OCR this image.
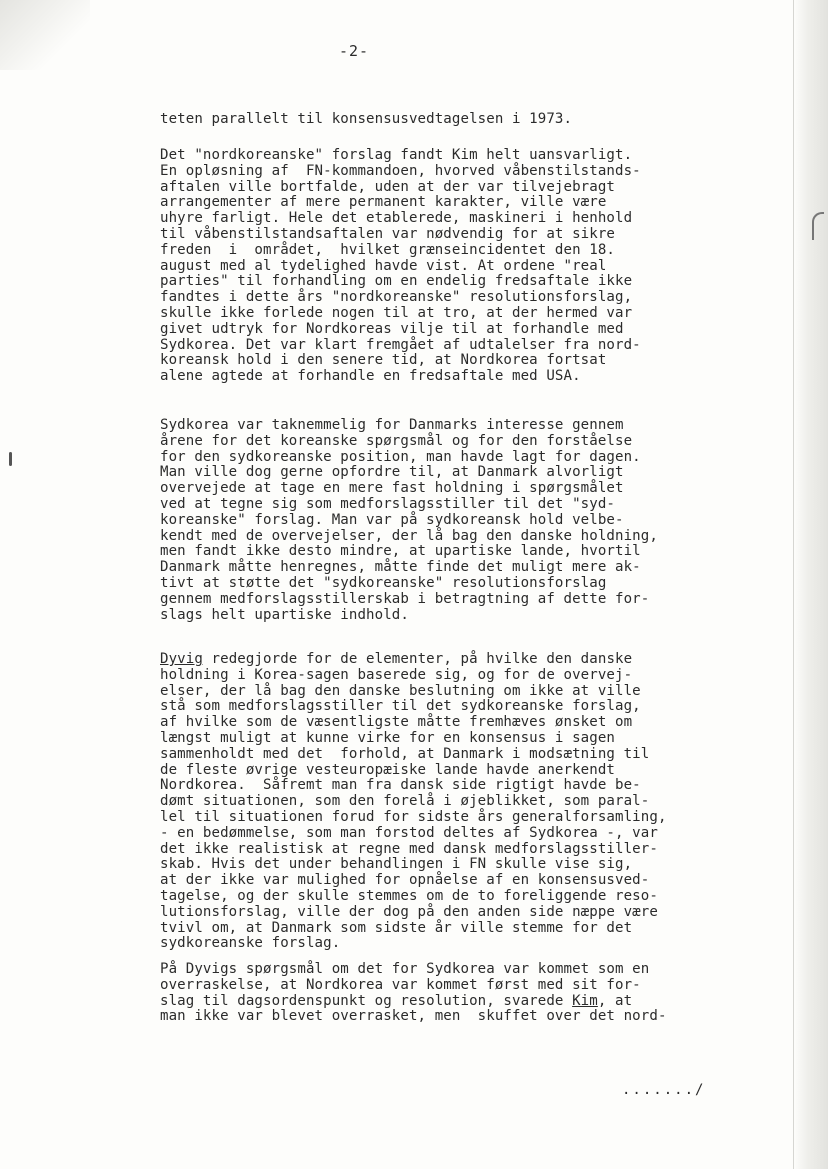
-2-
teten parallelt til konsensusvedtagelsen i 1973.
Det "nordkoreanske" forslag fandt Kim helt uansvarligt.
En opløsning af  FN-kommandoen, hvorved våbenstilstands-
aftalen ville bortfalde, uden at der var tilvejebragt
arrangementer af mere permanent karakter, ville være
uhyre farligt. Hele det etablerede, maskineri i henhold
til våbenstilstandsaftalen var nødvendig for at sikre
freden  i  området,  hvilket grænseincidentet den 18.
august med al tydelighed havde vist. At ordene "real
parties" til forhandling om en endelig fredsaftale ikke
fandtes i dette års "nordkoreanske" resolutionsforslag,
skulle ikke forlede nogen til at tro, at der hermed var
givet udtryk for Nordkoreas vilje til at forhandle med
Sydkorea. Det var klart fremgået af udtalelser fra nord-
koreansk hold i den senere tid, at Nordkorea fortsat
alene agtede at forhandle en fredsaftale med USA.
Sydkorea var taknemmelig for Danmarks interesse gennem
årene for det koreanske spørgsmål og for den forståelse
for den sydkoreanske position, man havde lagt for dagen.
Man ville dog gerne opfordre til, at Danmark alvorligt
overvejede at tage en mere fast holdning i spørgsmålet
ved at tegne sig som medforslagsstiller til det "syd-
koreanske" forslag. Man var på sydkoreansk hold velbe-
kendt med de overvejelser, der lå bag den danske holdning,
men fandt ikke desto mindre, at upartiske lande, hvortil
Danmark måtte henregnes, måtte finde det muligt mere ak-
tivt at støtte det "sydkoreanske" resolutionsforslag
gennem medforslagsstillerskab i betragtning af dette for-
slags helt upartiske indhold.
Dyvig redegjorde for de elementer, på hvilke den danske
holdning i Korea-sagen baserede sig, og for de overvej-
elser, der lå bag den danske beslutning om ikke at ville
stå som medforslagsstiller til det sydkoreanske forslag,
af hvilke som de væsentligste måtte fremhæves ønsket om
længst muligt at kunne virke for en konsensus i sagen
sammenholdt med det  forhold, at Danmark i modsætning til
de fleste øvrige vesteuropæiske lande havde anerkendt
Nordkorea.  Såfremt man fra dansk side rigtigt havde be-
dømt situationen, som den forelå i øjeblikket, som paral-
lel til situationen forud for sidste års generalforsamling,
- en bedømmelse, som man forstod deltes af Sydkorea -, var
det ikke realistisk at regne med dansk medforslagsstiller-
skab. Hvis det under behandlingen i FN skulle vise sig,
at der ikke var mulighed for opnåelse af en konsensusved-
tagelse, og der skulle stemmes om de to foreliggende reso-
lutionsforslag, ville der dog på den anden side næppe være
tvivl om, at Danmark som sidste år ville stemme for det
sydkoreanske forslag.
På Dyvigs spørgsmål om det for Sydkorea var kommet som en
overraskelse, at Nordkorea var kommet først med sit for-
slag til dagsordenspunkt og resolution, svarede Kim, at
man ikke var blevet overrasket, men  skuffet over det nord-
......./
